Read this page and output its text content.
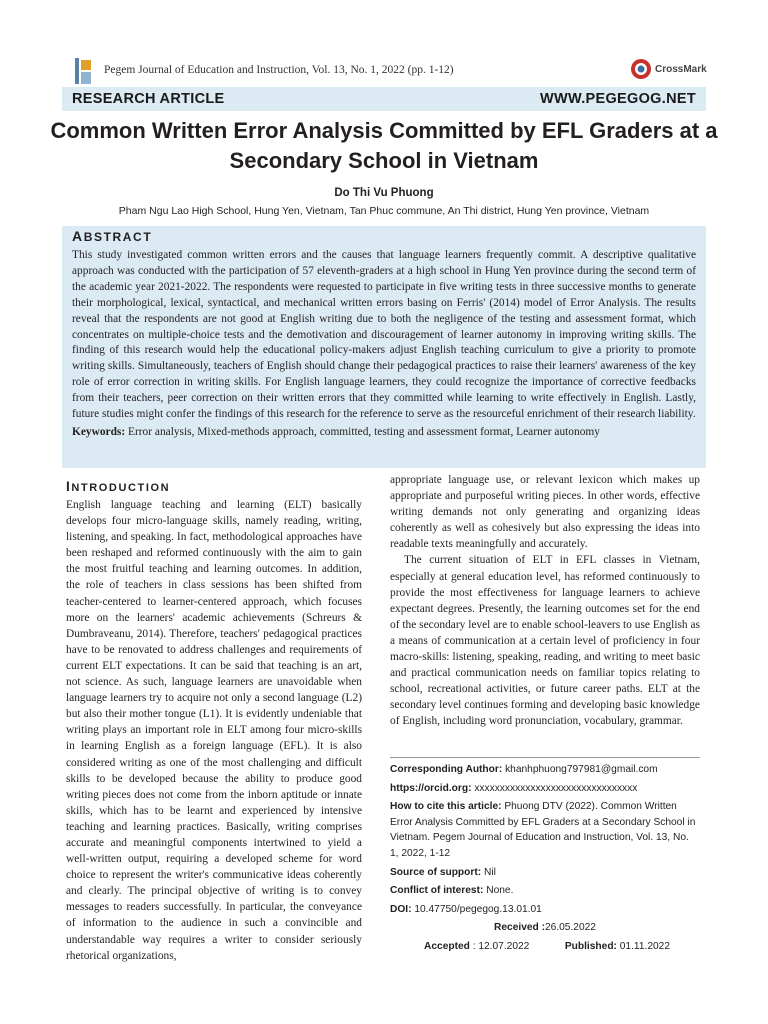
Pegem Journal of Education and Instruction, Vol. 13, No. 1, 2022 (pp. 1-12)	CrossMark
RESEARCH ARTICLE	WWW.PEGEGOG.NET
Common Written Error Analysis Committed by EFL Graders at a Secondary School in Vietnam
Do Thi Vu Phuong
Pham Ngu Lao High School, Hung Yen, Vietnam, Tan Phuc commune, An Thi district, Hung Yen province, Vietnam
ABSTRACT

This study investigated common written errors and the causes that language learners frequently commit. A descriptive qualitative approach was conducted with the participation of 57 eleventh-graders at a high school in Hung Yen province during the second term of the academic year 2021-2022. The respondents were requested to participate in five writing tests in three successive months to generate their morphological, lexical, syntactical, and mechanical written errors basing on Ferris' (2014) model of Error Analysis. The results reveal that the respondents are not good at English writing due to both the negligence of the testing and assessment format, which concentrates on multiple-choice tests and the demotivation and discouragement of learner autonomy in improving writing skills. The finding of this research would help the educational policy-makers adjust English teaching curriculum to give a priority to promote writing skills. Simultaneously, teachers of English should change their pedagogical practices to raise their learners' awareness of the key role of error correction in writing skills. For English language learners, they could recognize the importance of corrective feedbacks from their teachers, peer correction on their written errors that they committed while learning to write effectively in English. Lastly, future studies might confer the findings of this research for the reference to serve as the resourceful enrichment of their research liability.

Keywords: Error analysis, Mixed-methods approach, committed, testing and assessment format, Learner autonomy
INTRODUCTION

English language teaching and learning (ELT) basically develops four micro-language skills, namely reading, writing, listening, and speaking. In fact, methodological approaches have been reshaped and reformed continuously with the aim to gain the most fruitful teaching and learning outcomes. In addition, the role of teachers in class sessions has been shifted from teacher-centered to learner-centered approach, which focuses more on the learners' academic achievements (Schreurs & Dumbraveanu, 2014). Therefore, teachers' pedagogical practices have to be renovated to address challenges and requirements of current ELT expectations. It can be said that teaching is an art, not science. As such, language learners are unavoidable when language learners try to acquire not only a second language (L2) but also their mother tongue (L1). It is evidently undeniable that writing plays an important role in ELT among four micro-skills in learning English as a foreign language (EFL). It is also considered writing as one of the most challenging and difficult skills to be developed because the ability to produce good writing pieces does not come from the inborn aptitude or innate skills, which has to be learnt and experienced by intensive teaching and learning practices. Basically, writing comprises accurate and meaningful components intertwined to yield a well-written output, requiring a developed scheme for word choice to represent the writer's communicative ideas coherently and clearly. The principal objective of writing is to convey messages to readers successfully. In particular, the conveyance of information to the audience in such a convincible and understandable way requires a writer to consider seriously rhetorical organizations,

appropriate language use, or relevant lexicon which makes up appropriate and purposeful writing pieces. In other words, effective writing demands not only generating and organizing ideas coherently as well as cohesively but also expressing the ideas into readable texts meaningfully and accurately.

The current situation of ELT in EFL classes in Vietnam, especially at general education level, has reformed continuously to provide the most effectiveness for language learners to achieve expectant degrees. Presently, the learning outcomes set for the end of the secondary level are to enable school-leavers to use English as a means of communication at a certain level of proficiency in four macro-skills: listening, speaking, reading, and writing to meet basic and practical communication needs on familiar topics relating to school, recreational activities, or future career paths. ELT at the secondary level continues forming and developing basic knowledge of English, including word pronunciation, vocabulary, grammar.

Corresponding Author: khanhphuong797981@gmail.com
https://orcid.org: xxxxxxxxxxxxxxxxxxxxxxxxxxxxxxxx
How to cite this article: Phuong DTV (2022). Common Written Error Analysis Committed by EFL Graders at a Secondary School in Vietnam. Pegem Journal of Education and Instruction, Vol. 13, No. 1, 2022, 1-12
Source of support: Nil
Conflict of interest: None.
DOI: 10.47750/pegegog.13.01.01
Received : 26.05.2022
Accepted : 12.07.2022	Published: 01.11.2022
